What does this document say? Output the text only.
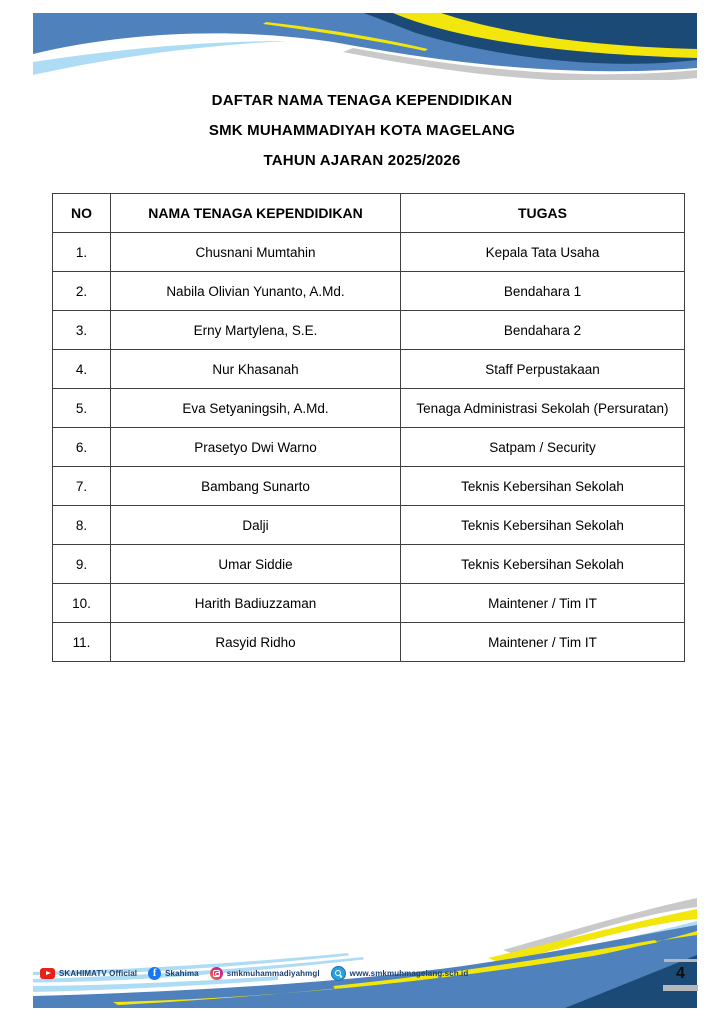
DAFTAR NAMA TENAGA KEPENDIDIKAN
SMK MUHAMMADIYAH KOTA MAGELANG
TAHUN AJARAN 2025/2026
NO	NAMA TENAGA KEPENDIDIKAN	TUGAS
1.	Chusnani Mumtahin	Kepala Tata Usaha
2.	Nabila Olivian Yunanto, A.Md.	Bendahara 1
3.	Erny Martylena, S.E.	Bendahara 2
4.	Nur Khasanah	Staff Perpustakaan
5.	Eva Setyaningsih, A.Md.	Tenaga Administrasi Sekolah (Persuratan)
6.	Prasetyo Dwi Warno	Satpam / Security
7.	Bambang Sunarto	Teknis Kebersihan Sekolah
8.	Dalji	Teknis Kebersihan Sekolah
9.	Umar Siddie	Teknis Kebersihan Sekolah
10.	Harith Badiuzzaman	Maintener / Tim IT
11.	Rasyid Ridho	Maintener / Tim IT
SKAHIMATV Official f	Skahima	smkmuhammadiyahmgl	www.smkmuhmagelang.sch.id	4
